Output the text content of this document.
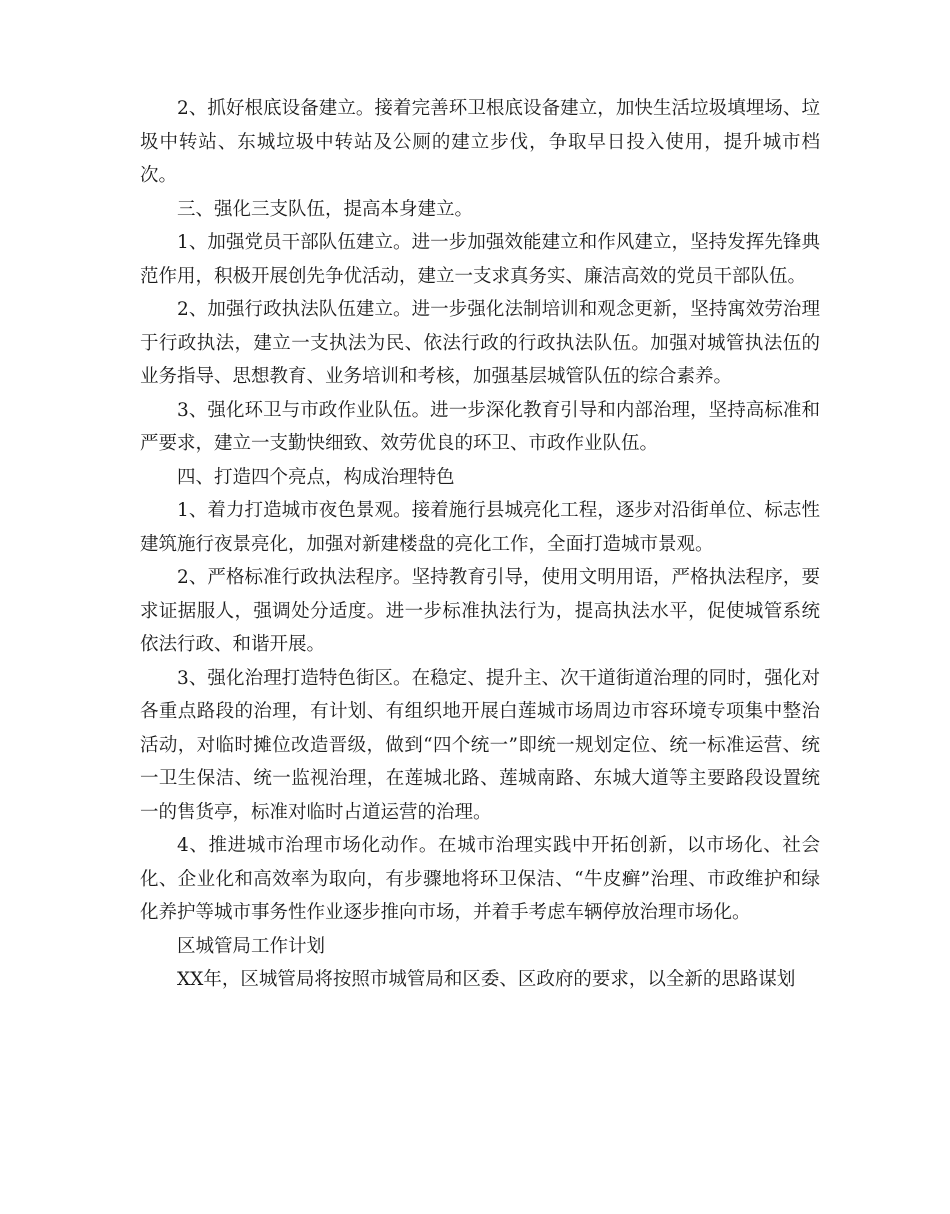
2、抓好根底设备建立。接着完善环卫根底设备建立，加快生活垃圾填埋场、垃圾中转站、东城垃圾中转站及公厕的建立步伐，争取早日投入使用，提升城市档次。

三、强化三支队伍，提高本身建立。

1、加强党员干部队伍建立。进一步加强效能建立和作风建立，坚持发挥先锋典范作用，积极开展创先争优活动，建立一支求真务实、廉洁高效的党员干部队伍。

2、加强行政执法队伍建立。进一步强化法制培训和观念更新，坚持寓效劳治理于行政执法，建立一支执法为民、依法行政的行政执法队伍。加强对城管执法伍的业务指导、思想教育、业务培训和考核，加强基层城管队伍的综合素养。

3、强化环卫与市政作业队伍。进一步深化教育引导和内部治理，坚持高标准和严要求，建立一支勤快细致、效劳优良的环卫、市政作业队伍。

四、打造四个亮点，构成治理特色

1、着力打造城市夜色景观。接着施行县城亮化工程，逐步对沿街单位、标志性建筑施行夜景亮化，加强对新建楼盘的亮化工作，全面打造城市景观。

2、严格标准行政执法程序。坚持教育引导，使用文明用语，严格执法程序，要求证据服人，强调处分适度。进一步标准执法行为，提高执法水平，促使城管系统依法行政、和谐开展。

3、强化治理打造特色街区。在稳定、提升主、次干道街道治理的同时，强化对各重点路段的治理，有计划、有组织地开展白莲城市场周边市容环境专项集中整治活动，对临时摊位改造晋级，做到“四个统一”即统一规划定位、统一标准运营、统一卫生保洁、统一监视治理，在莲城北路、莲城南路、东城大道等主要路段设置统一的售货亭，标准对临时占道运营的治理。

4、推进城市治理市场化动作。在城市治理实践中开拓创新，以市场化、社会化、企业化和高效率为取向，有步骤地将环卫保洁、“牛皮癣”治理、市政维护和绿化养护等城市事务性作业逐步推向市场，并着手考虑车辆停放治理市场化。

区城管局工作计划

XX年，区城管局将按照市城管局和区委、区政府的要求，以全新的思路谋划
